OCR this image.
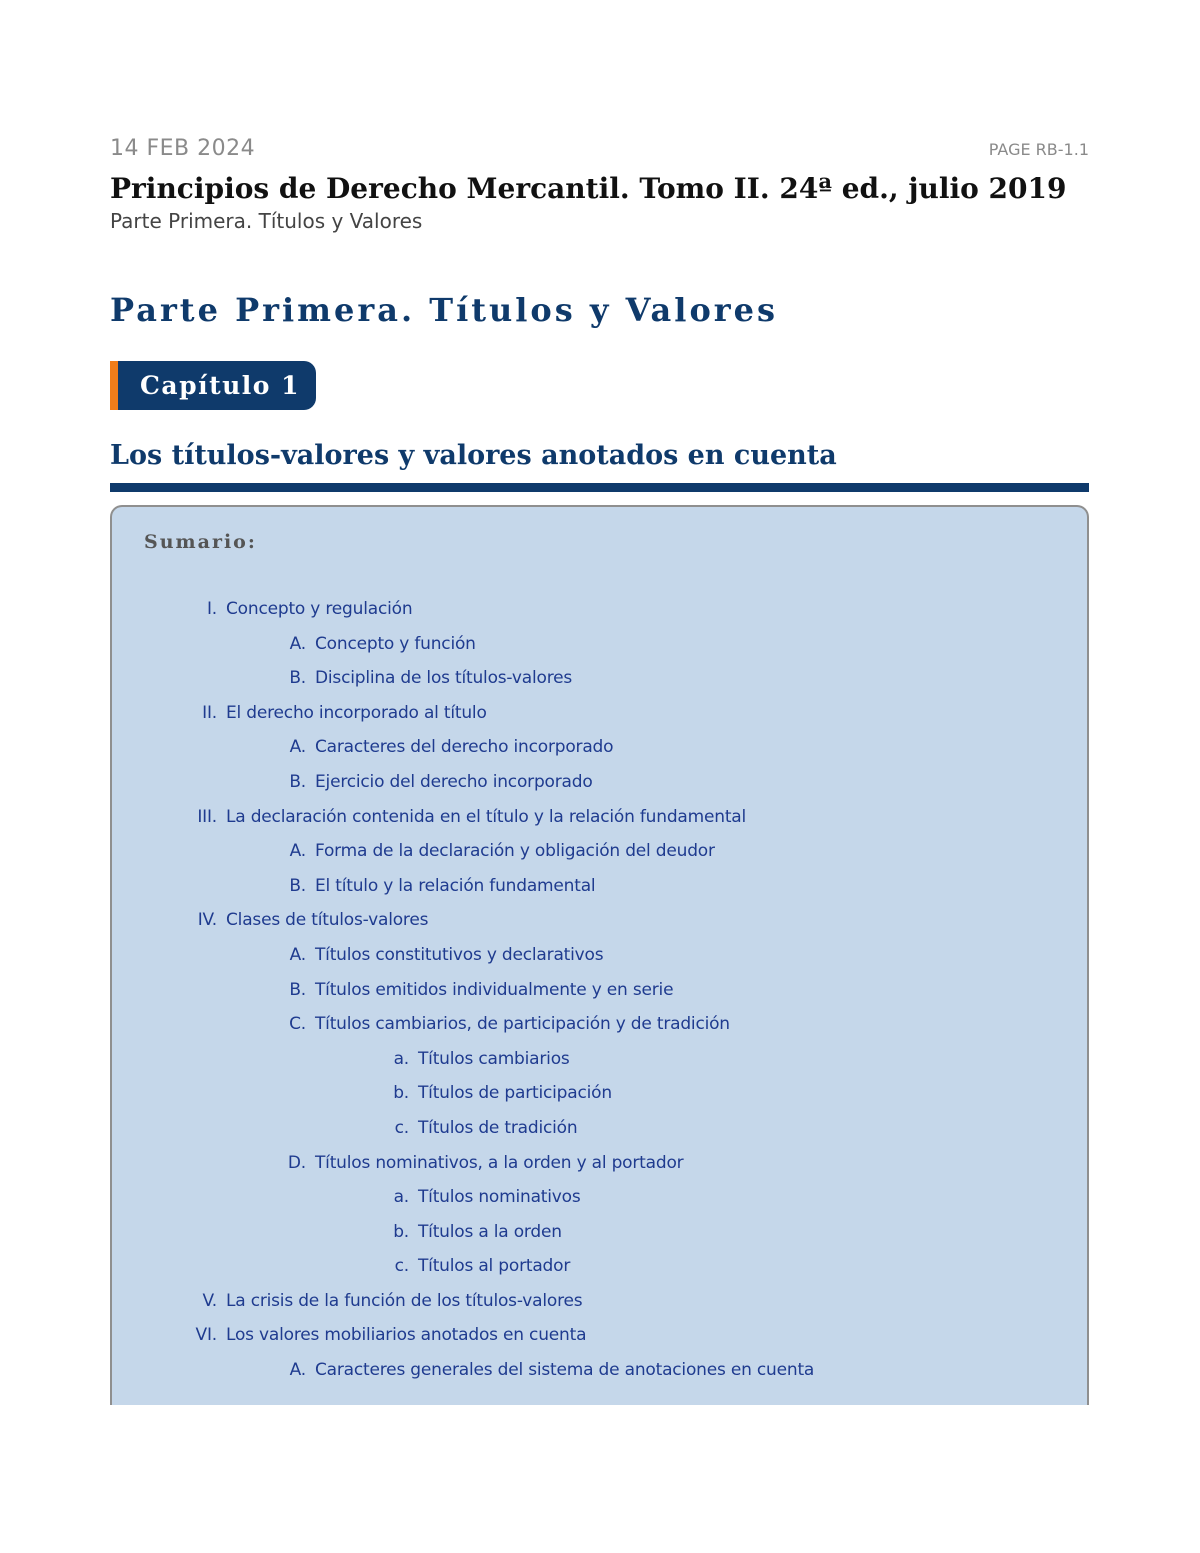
14 FEB 2024	PAGE RB-1.1
Principios de Derecho Mercantil. Tomo II. 24ª ed., julio 2019
Parte Primera. Títulos y Valores
Parte Primera. Títulos y Valores
Capítulo 1
Los títulos-valores y valores anotados en cuenta
Sumario:
I. Concepto y regulación
A. Concepto y función
B. Disciplina de los títulos-valores
II. El derecho incorporado al título
A. Caracteres del derecho incorporado
B. Ejercicio del derecho incorporado
III. La declaración contenida en el título y la relación fundamental
A. Forma de la declaración y obligación del deudor
B. El título y la relación fundamental
IV. Clases de títulos-valores
A. Títulos constitutivos y declarativos
B. Títulos emitidos individualmente y en serie
C. Títulos cambiarios, de participación y de tradición
a. Títulos cambiarios
b. Títulos de participación
c. Títulos de tradición
D. Títulos nominativos, a la orden y al portador
a. Títulos nominativos
b. Títulos a la orden
c. Títulos al portador
V. La crisis de la función de los títulos-valores
VI. Los valores mobiliarios anotados en cuenta
A. Caracteres generales del sistema de anotaciones en cuenta
